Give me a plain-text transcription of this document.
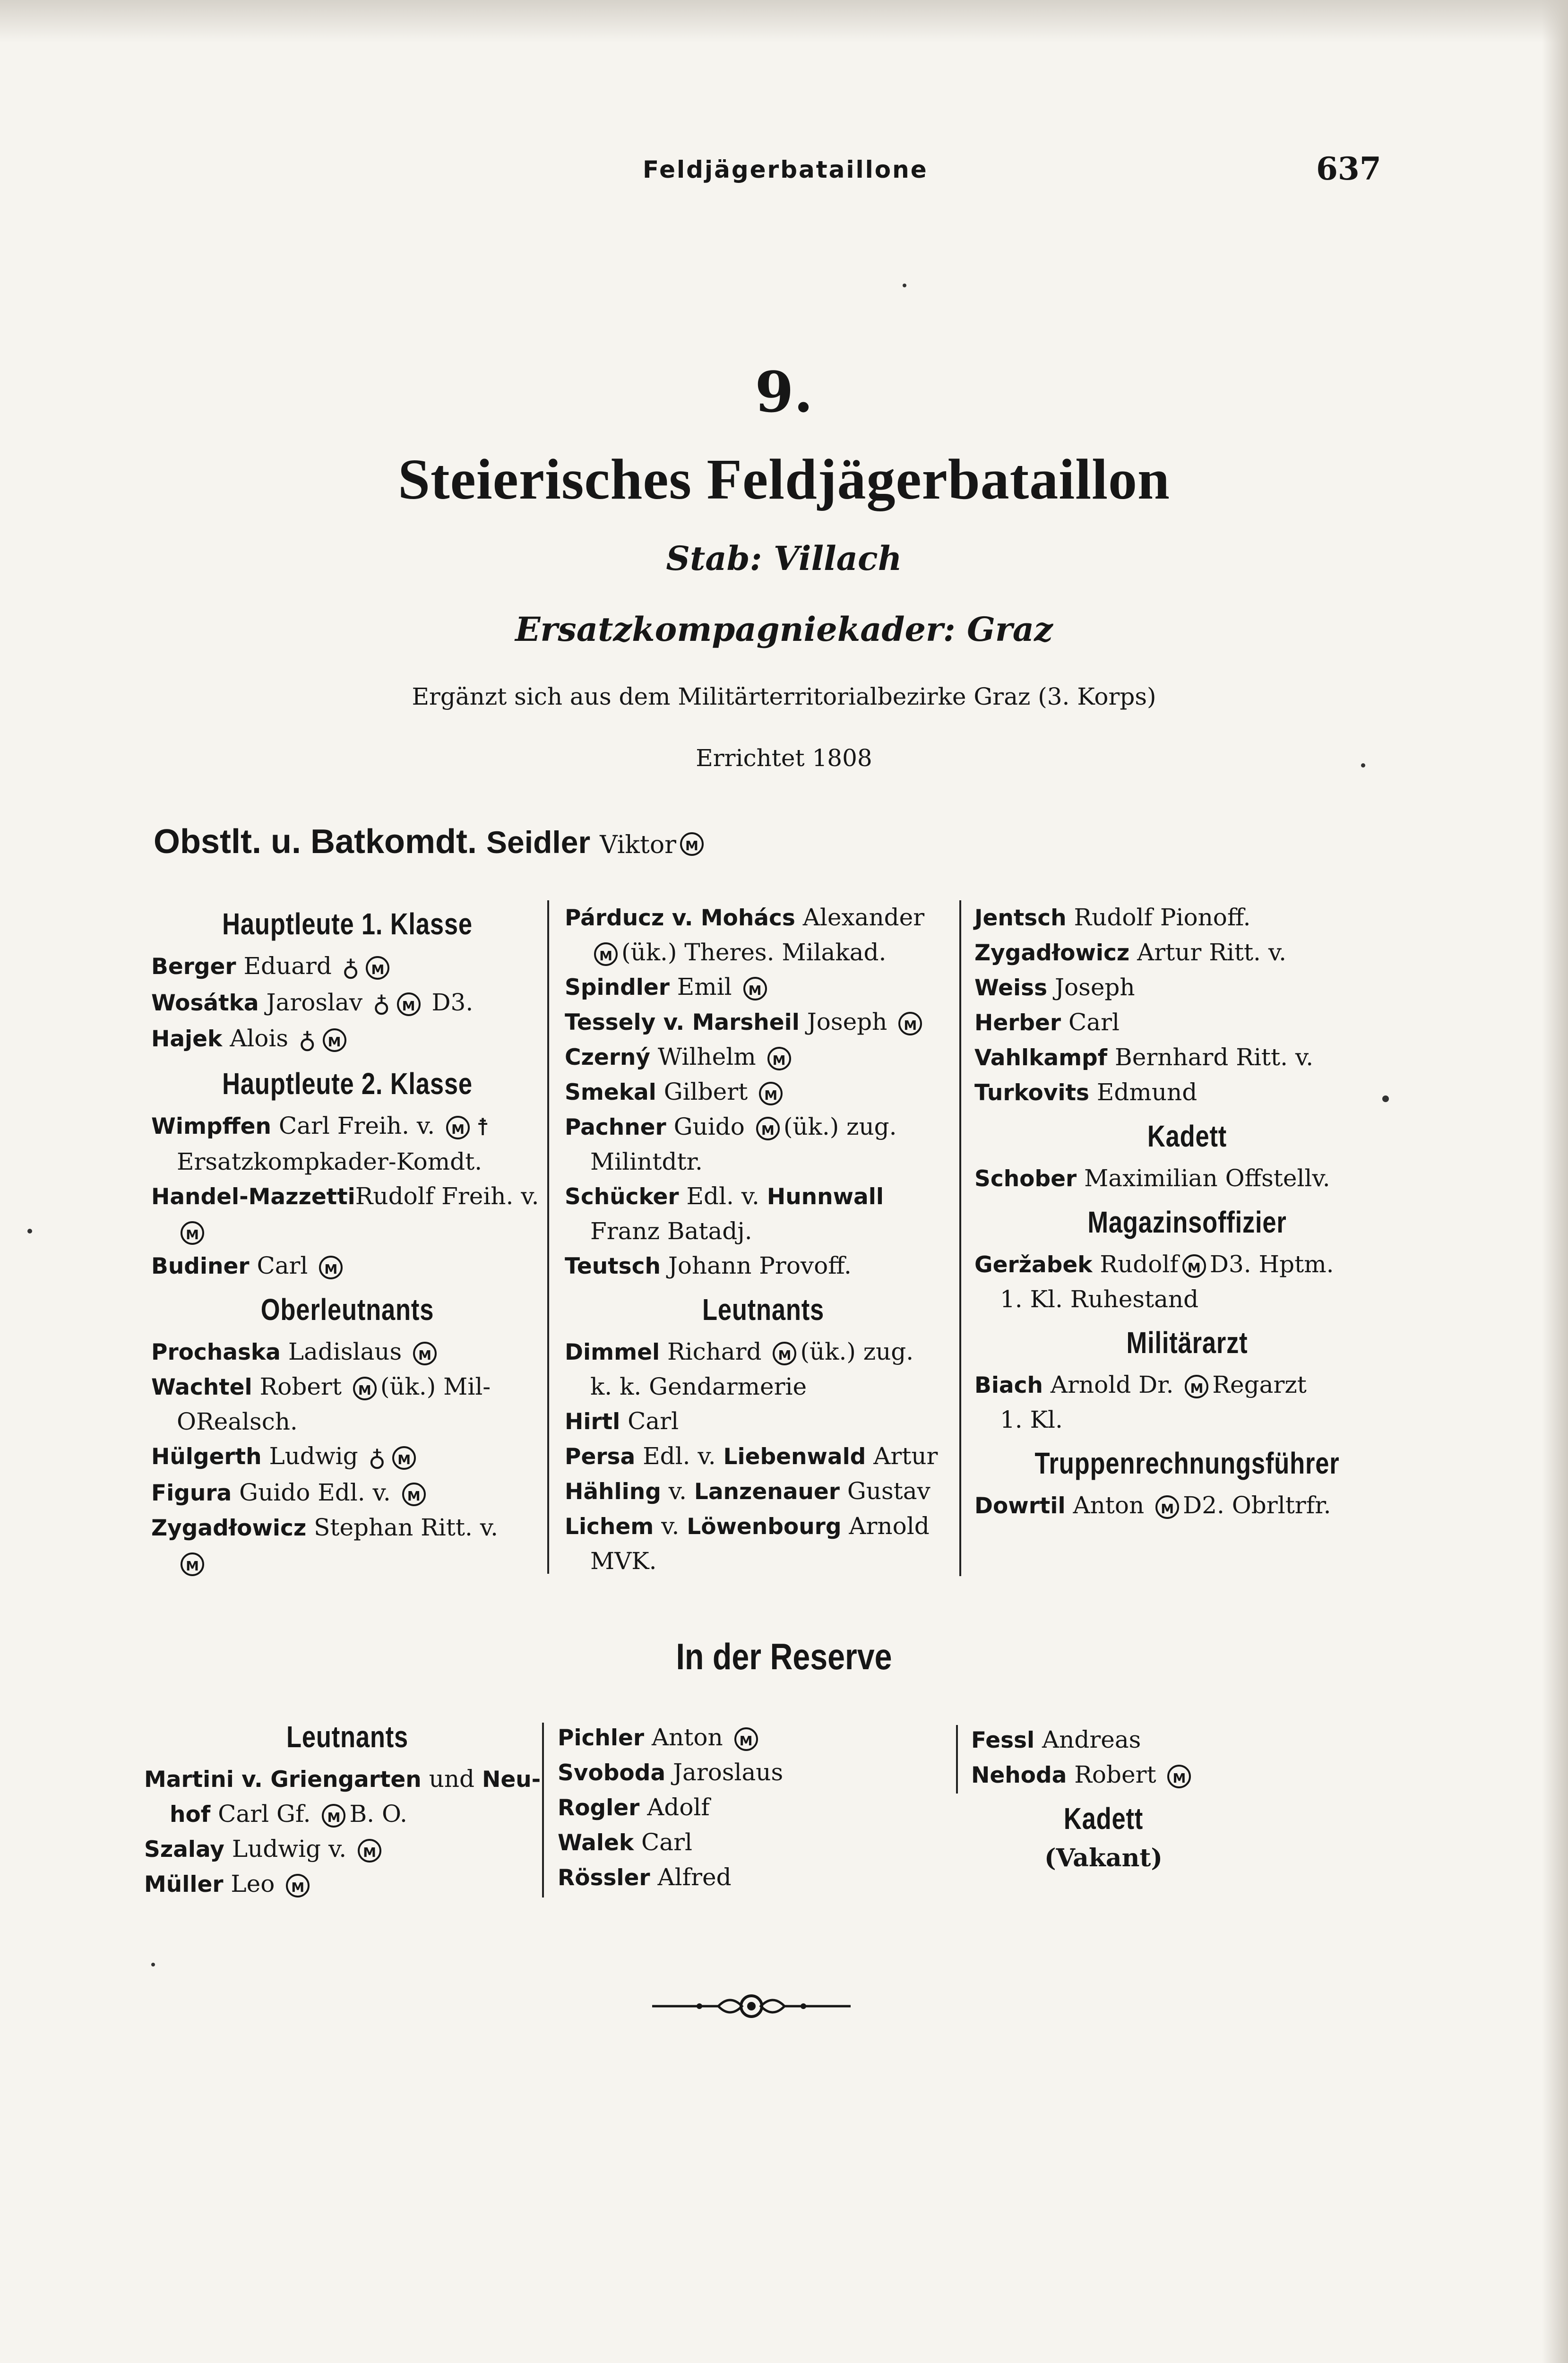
Feldjägerbataillone	637
9.
Steierisches Feldjägerbataillon
Stab: Villach
Ersatzkompagniekader: Graz
Ergänzt sich aus dem Militärterritorialbezirke Graz (3. Korps)
Errichtet 1808
Obstlt. u. Batkomdt. Seidler Viktor M
Hauptleute 1. Klasse
Berger Eduard ♁ M
Wosátka Jaroslav ♁ M D3.
Hajek Alois ♁ M
Hauptleute 2. Klasse
Wimpffen Carl Freih. v. M ☨
Ersatzkompkader-Komdt.
Handel-MazzettiRudolf Freih. v.
M
Budiner Carl M
Oberleutnants
Prochaska Ladislaus M
Wachtel Robert M (ük.) Mil-
ORealsch.
Hülgerth Ludwig ♁ M
Figura Guido Edl. v. M
Zygadłowicz Stephan Ritt. v.
M
Párducz v. Mohács Alexander
M (ük.) Theres. Milakad.
Spindler Emil M
Tessely v. Marsheil Joseph M
Czerný Wilhelm M
Smekal Gilbert M
Pachner Guido M (ük.) zug.
Milintdtr.
Schücker Edl. v. Hunnwall
Franz Batadj.
Teutsch Johann Provoff.
Leutnants
Dimmel Richard M (ük.) zug.
k. k. Gendarmerie
Hirtl Carl
Persa Edl. v. Liebenwald Artur
Hähling v. Lanzenauer Gustav
Lichem v. Löwenbourg Arnold
MVK.
Jentsch Rudolf Pionoff.
Zygadłowicz Artur Ritt. v.
Weiss Joseph
Herber Carl
Vahlkampf Bernhard Ritt. v.
Turkovits Edmund
Kadett
Schober Maximilian Offstellv.
Magazinsoffizier
Geržabek Rudolf M D3. Hptm.
1. Kl. Ruhestand
Militärarzt
Biach Arnold Dr. M Regarzt
1. Kl.
Truppenrechnungsführer
Dowrtil Anton M D2. Obrltrfr.
In der Reserve
Leutnants
Martini v. Griengarten und Neu-
hof Carl Gf. M B. O.
Szalay Ludwig v. M
Müller Leo M
Pichler Anton M
Svoboda Jaroslaus
Rogler Adolf
Walek Carl
Rössler Alfred
Fessl Andreas
Nehoda Robert M
Kadett
(Vakant)
